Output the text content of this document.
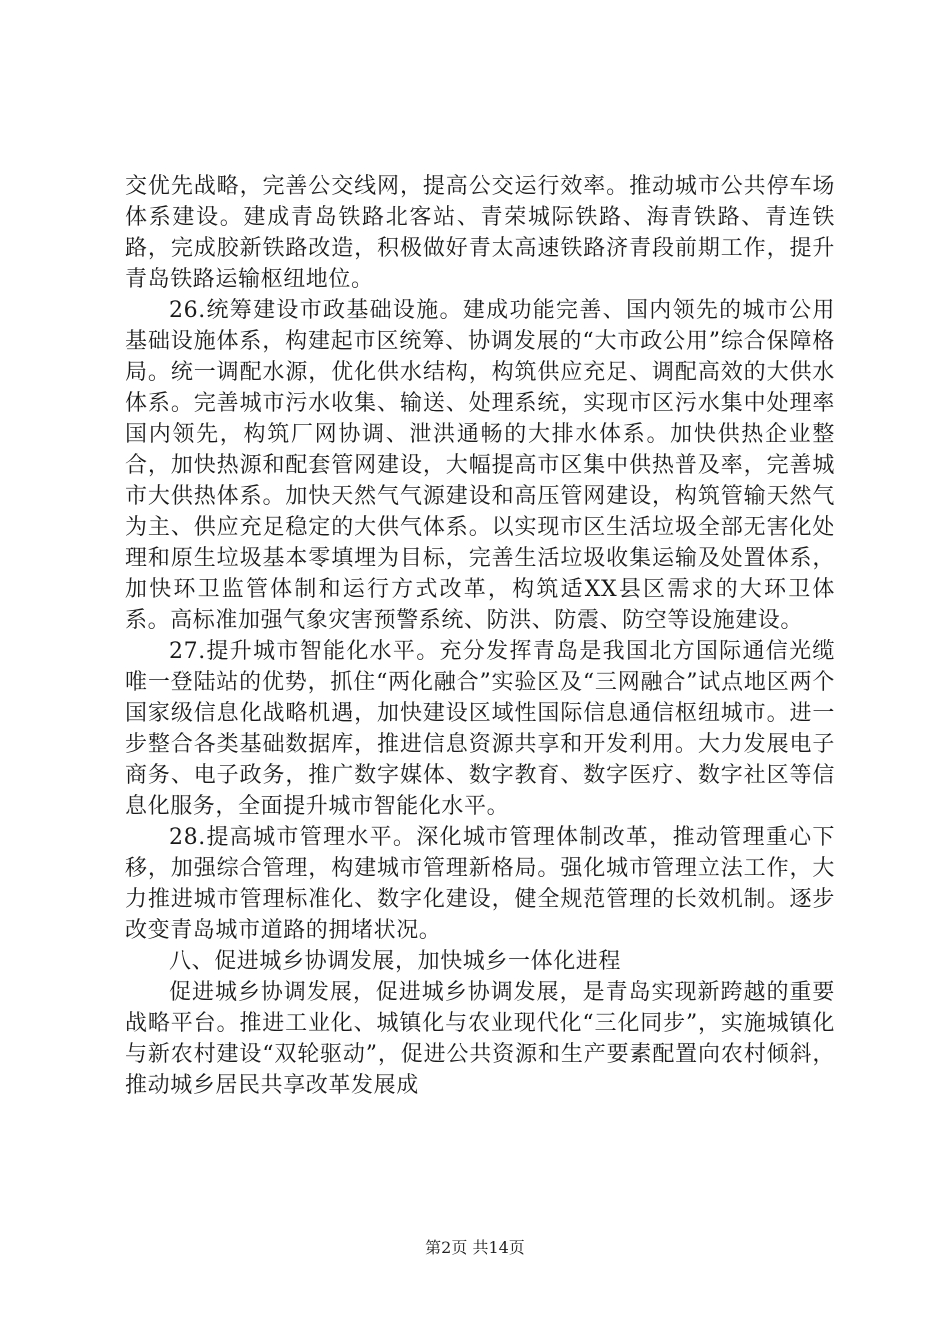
交优先战略，完善公交线网，提高公交运行效率。推动城市公共停车场体系建设。建成青岛铁路北客站、青荣城际铁路、海青铁路、青连铁路，完成胶新铁路改造，积极做好青太高速铁路济青段前期工作，提升青岛铁路运输枢纽地位。

26.统筹建设市政基础设施。建成功能完善、国内领先的城市公用基础设施体系，构建起市区统筹、协调发展的“大市政公用”综合保障格局。统一调配水源，优化供水结构，构筑供应充足、调配高效的大供水体系。完善城市污水收集、输送、处理系统，实现市区污水集中处理率国内领先，构筑厂网协调、泄洪通畅的大排水体系。加快供热企业整合，加快热源和配套管网建设，大幅提高市区集中供热普及率，完善城市大供热体系。加快天然气气源建设和高压管网建设，构筑管输天然气为主、供应充足稳定的大供气体系。以实现市区生活垃圾全部无害化处理和原生垃圾基本零填埋为目标，完善生活垃圾收集运输及处置体系，加快环卫监管体制和运行方式改革，构筑适XX县区需求的大环卫体系。高标准加强气象灾害预警系统、防洪、防震、防空等设施建设。

27.提升城市智能化水平。充分发挥青岛是我国北方国际通信光缆唯一登陆站的优势，抓住“两化融合”实验区及“三网融合”试点地区两个国家级信息化战略机遇，加快建设区域性国际信息通信枢纽城市。进一步整合各类基础数据库，推进信息资源共享和开发利用。大力发展电子商务、电子政务，推广数字媒体、数字教育、数字医疗、数字社区等信息化服务，全面提升城市智能化水平。

28.提高城市管理水平。深化城市管理体制改革，推动管理重心下移，加强综合管理，构建城市管理新格局。强化城市管理立法工作，大力推进城市管理标准化、数字化建设，健全规范管理的长效机制。逐步改变青岛城市道路的拥堵状况。

八、促进城乡协调发展，加快城乡一体化进程

促进城乡协调发展，促进城乡协调发展，是青岛实现新跨越的重要战略平台。推进工业化、城镇化与农业现代化“三化同步”，实施城镇化与新农村建设“双轮驱动”，促进公共资源和生产要素配置向农村倾斜，推动城乡居民共享改革发展成

第2页 共14页
